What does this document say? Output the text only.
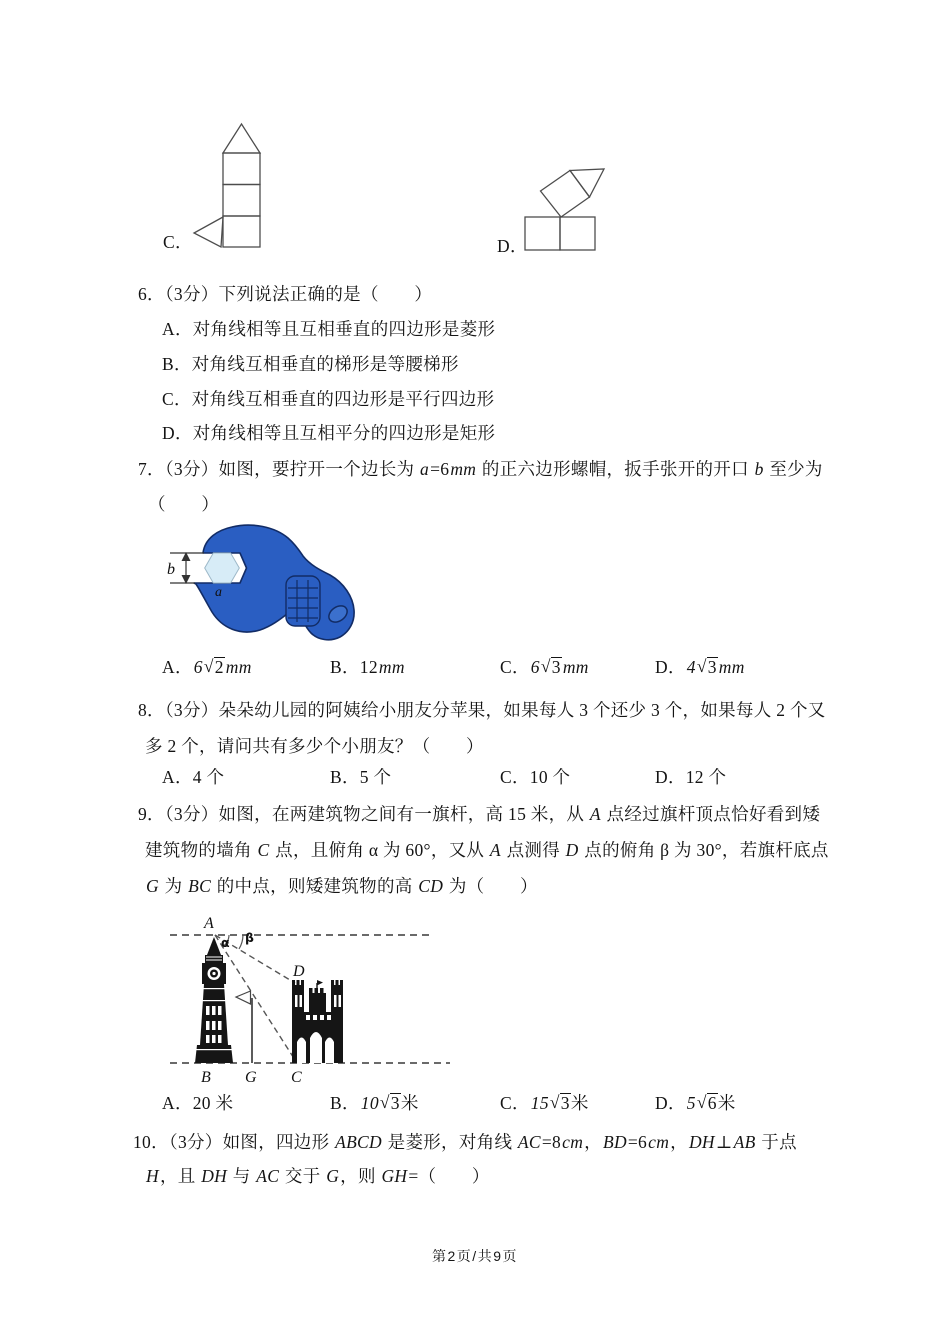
C．	D．
6．（3分）下列说法正确的是（　　）
A．对角线相等且互相垂直的四边形是菱形
B．对角线互相垂直的梯形是等腰梯形
C．对角线互相垂直的四边形是平行四边形
D．对角线相等且互相平分的四边形是矩形
7．（3分）如图，要拧开一个边长为 a=6mm 的正六边形螺帽，扳手张开的开口 b 至少为
（　　）
b
a
A．6√2 mm	B．12mm	C．6√3 mm	D．4√3 mm
8．（3分）朵朵幼儿园的阿姨给小朋友分苹果，如果每人 3 个还少 3 个，如果每人 2 个又
多 2 个，请问共有多少个小朋友？（　　）
A．4 个	B．5 个	C．10 个	D．12 个
9．（3分）如图，在两建筑物之间有一旗杆，高 15 米，从 A 点经过旗杆顶点恰好看到矮
建筑物的墙角 C 点，且俯角 α 为 60°，又从 A 点测得 D 点的俯角 β 为 30°，若旗杆底点
G 为 BC 的中点，则矮建筑物的高 CD 为（　　）
A
B G C
D
α β
A．20 米	B．10√3米	C．15√3米	D．5√6米
10．（3分）如图，四边形 ABCD 是菱形，对角线 AC=8cm，BD=6cm，DH⊥AB 于点
H，且 DH 与 AC 交于 G，则 GH=（　　）
第2页/共9页
